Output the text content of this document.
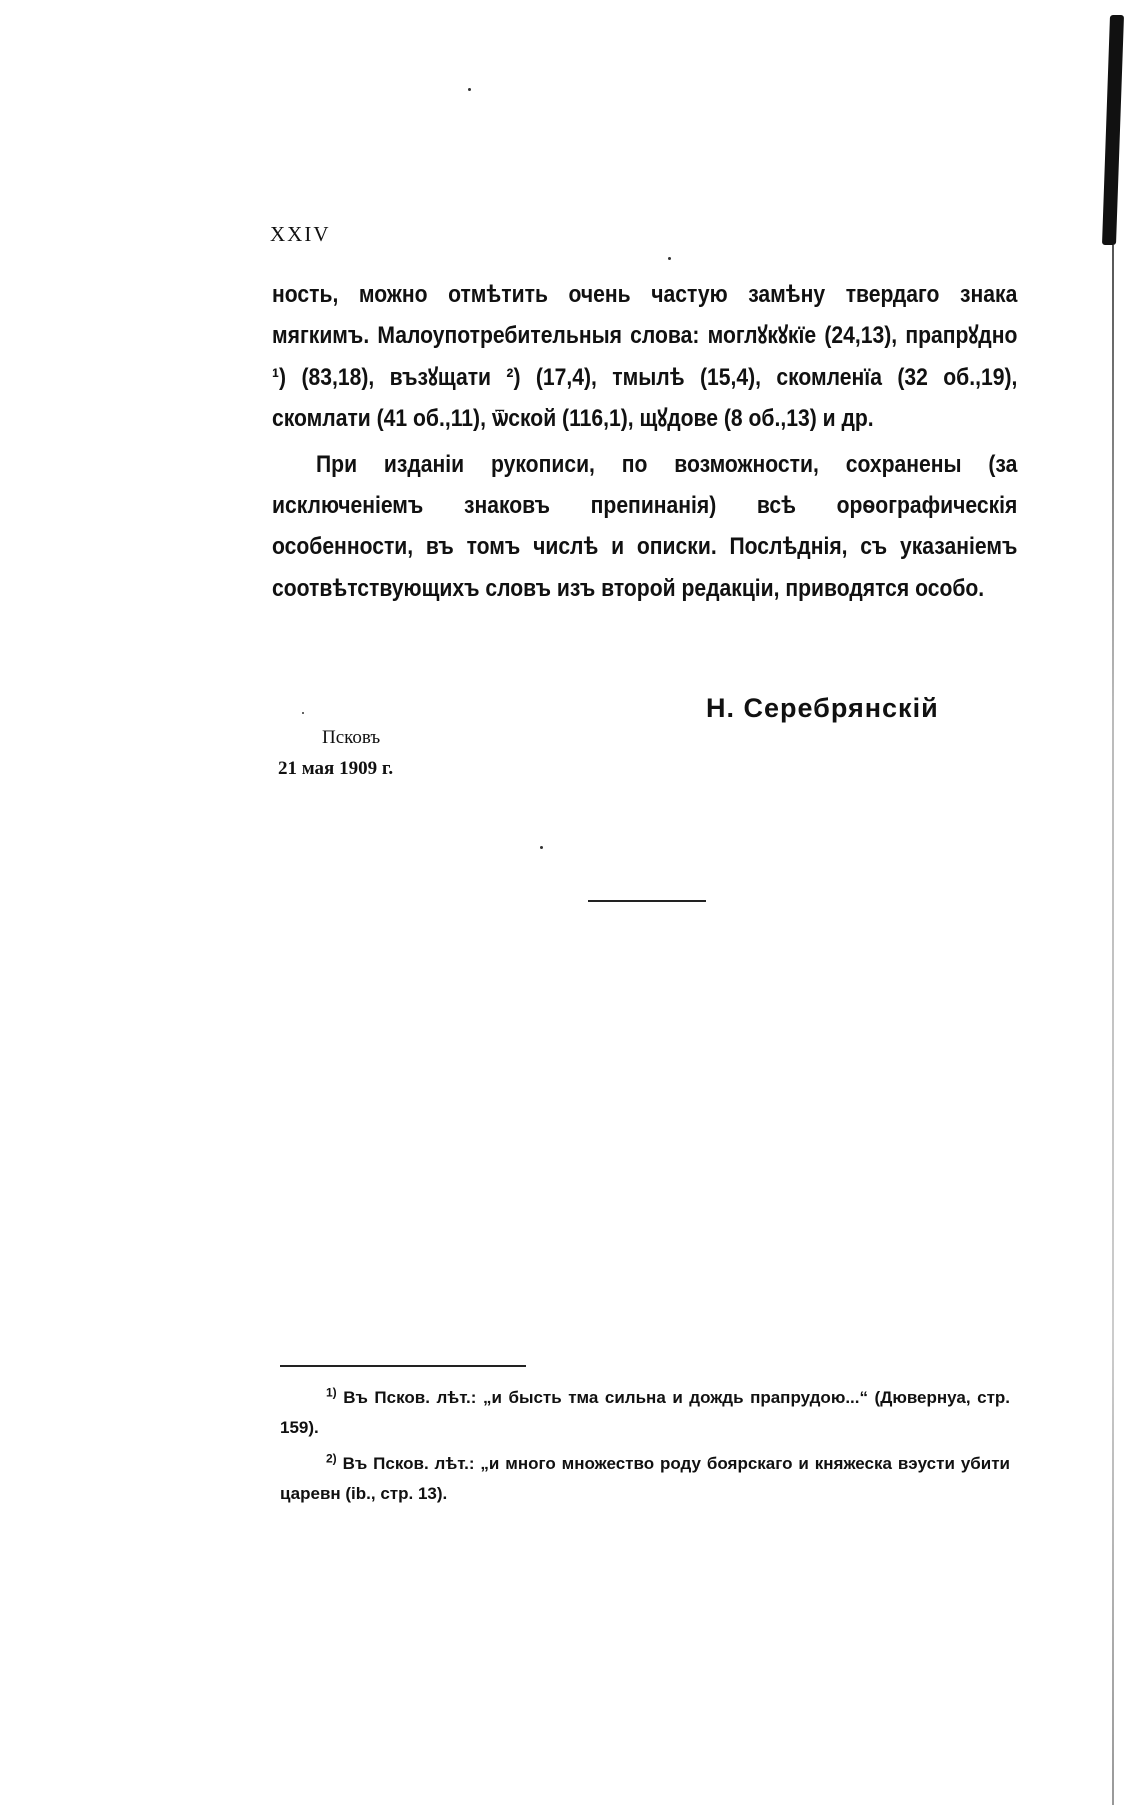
XXIV

ность, можно отмѣтить очень частую замѣну твердаго знака мягкимъ. Малоупотребительныя слова: моглꙋкꙋкїе (24,13), прапрꙋдно ¹) (83,18), възꙋщати ²) (17,4), тмылѣ (15,4), скомленїа (32 об.,19), скомлати (41 об.,11), ѿской (116,1), щꙋдове (8 об.,13) и др.

При изданіи рукописи, по возможности, сохранены (за исключеніемъ знаковъ препинанія) всѣ орѳографическія особенности, въ томъ числѣ и описки. Послѣднія, съ указаніемъ соотвѣтствующихъ словъ изъ второй редакціи, приводятся особо.

Н. Серебрянскій
Псковъ
21 мая 1909 г.

$^{1)}$ Въ Псков. лѣт.: „и бысть тма сильна и дождь прапрудою...“ (Дювернуа, стр. 159).

$^{2)}$ Въ Псков. лѣт.: „и много множество роду боярскаго и княжеска вэусти убити царевн (ib., стр. 13).
